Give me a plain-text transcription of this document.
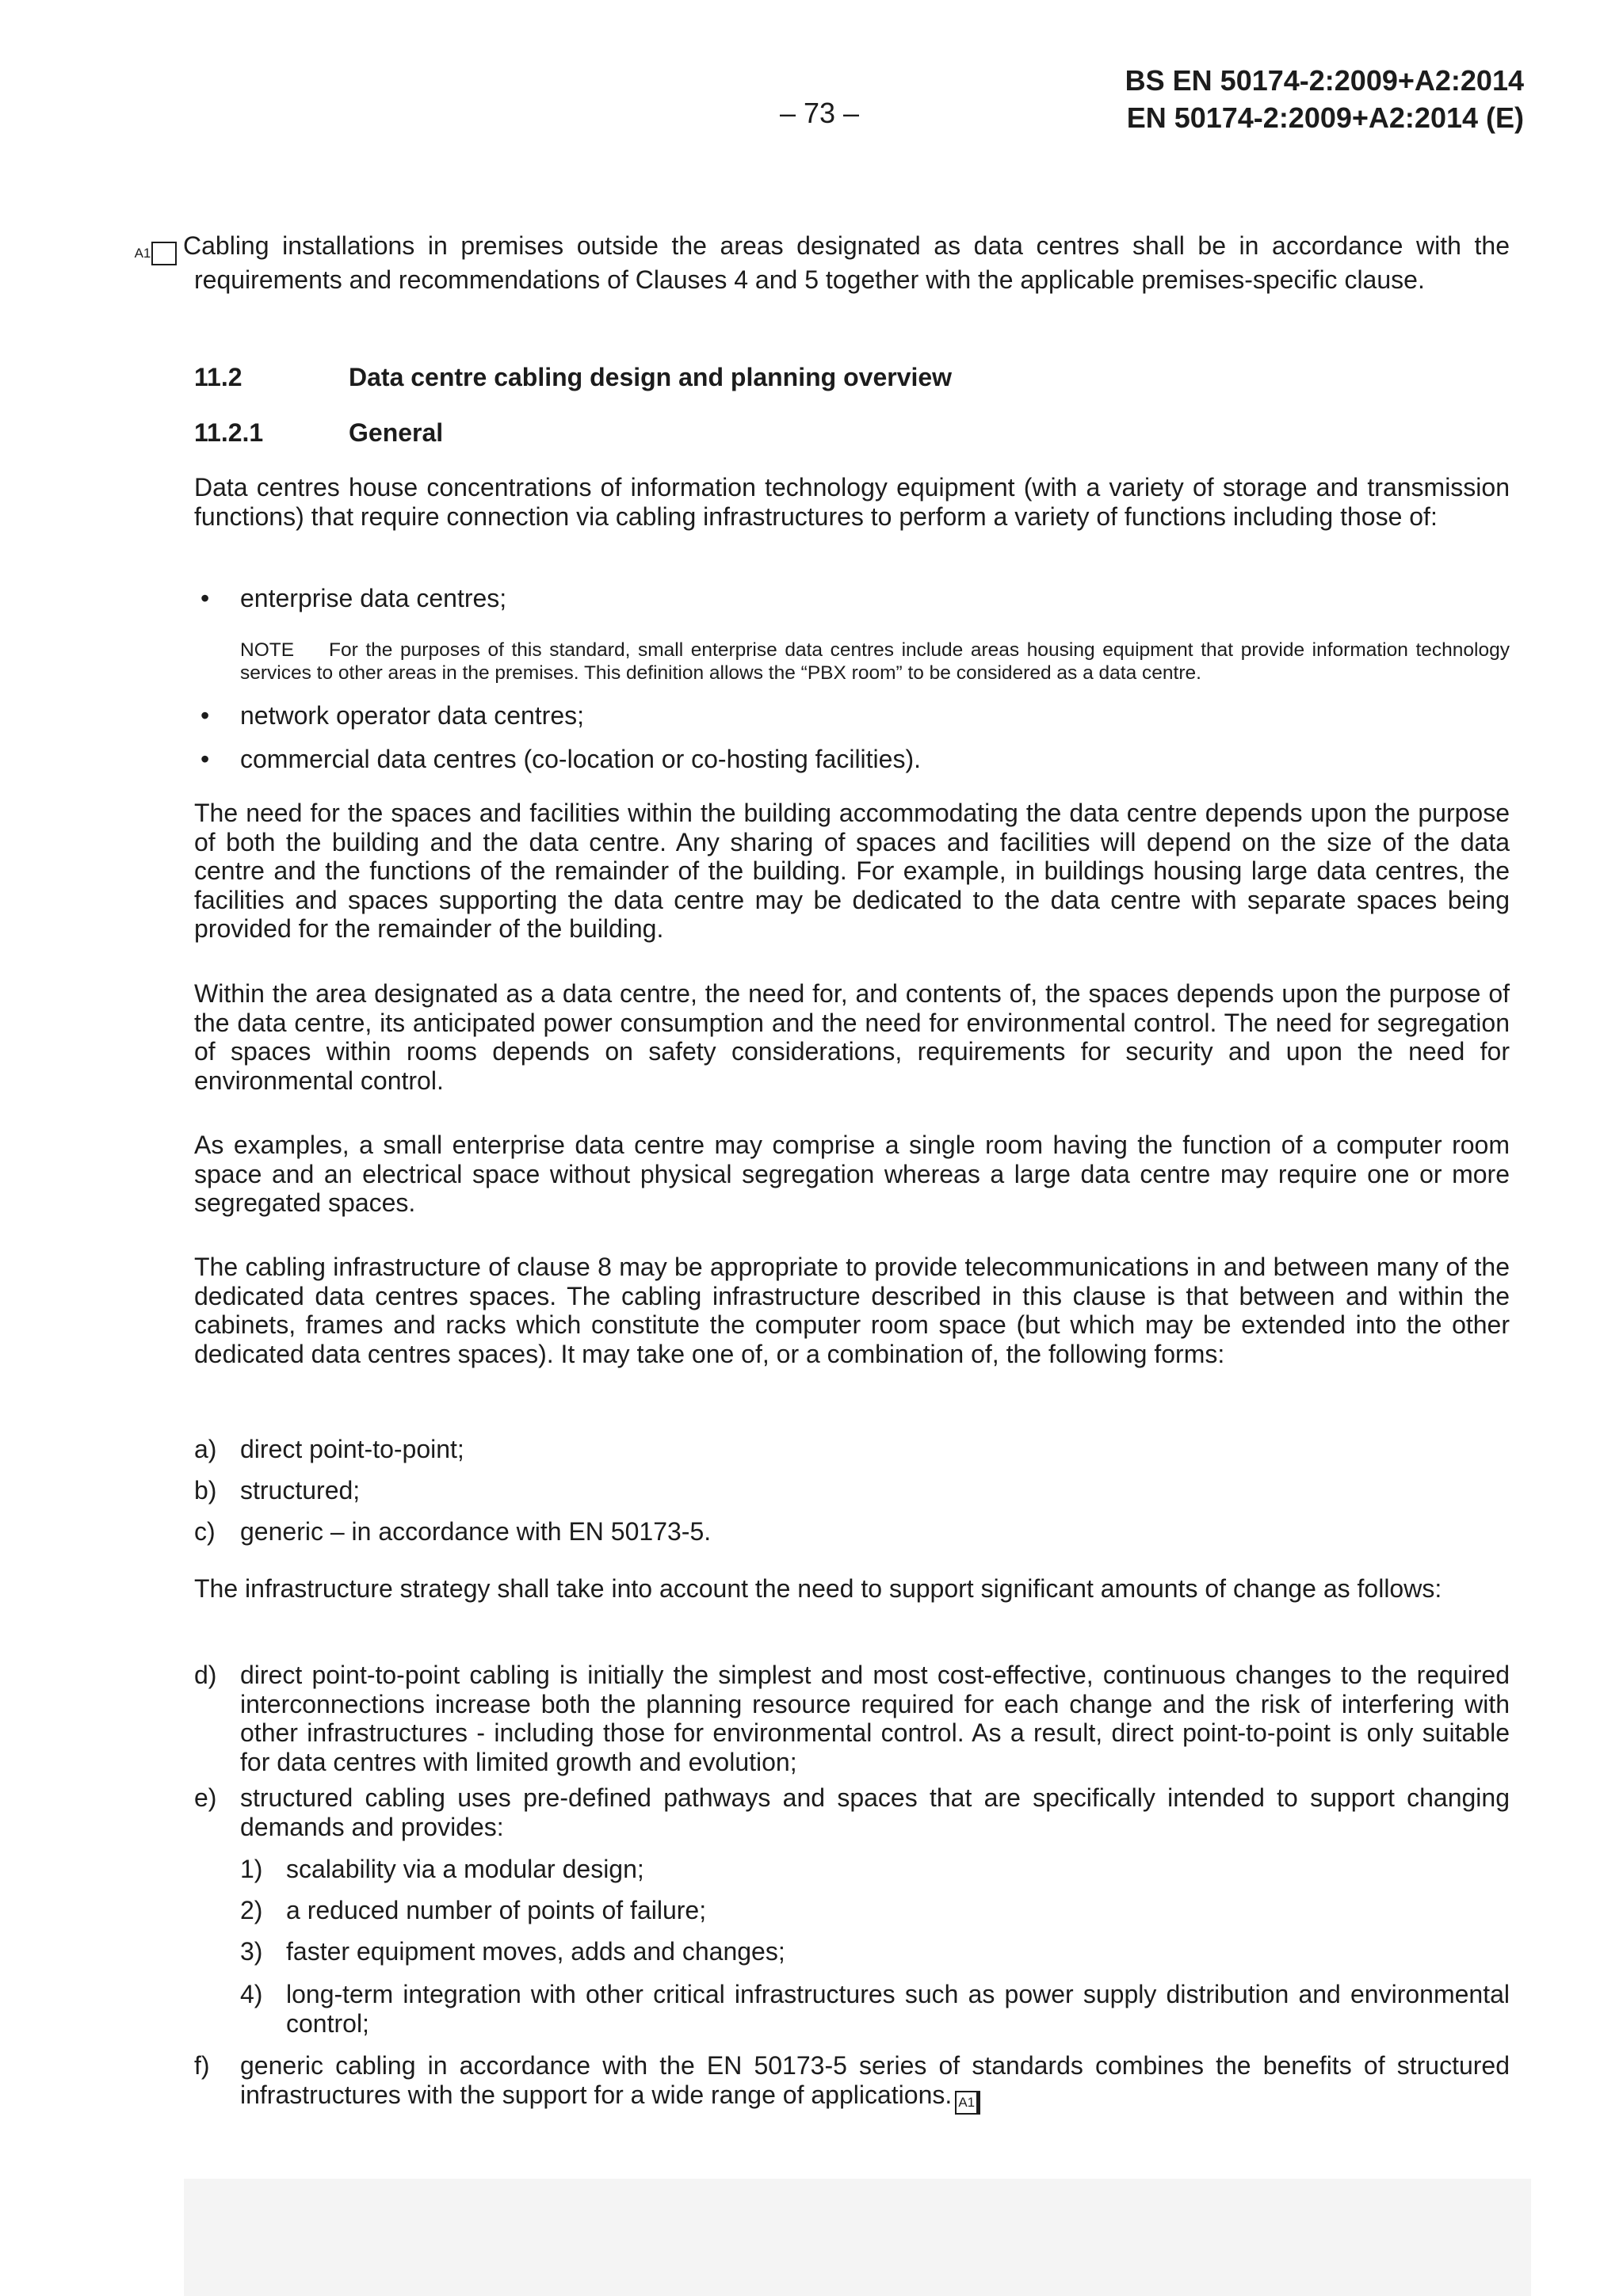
– 73 –
BS EN 50174-2:2009+A2:2014
EN 50174-2:2009+A2:2014 (E)

A1 Cabling installations in premises outside the areas designated as data centres shall be in accordance with the requirements and recommendations of Clauses 4 and 5 together with the applicable premises-specific clause.

11.2	Data centre cabling design and planning overview
11.2.1	General

Data centres house concentrations of information technology equipment (with a variety of storage and transmission functions) that require connection via cabling infrastructures to perform a variety of functions including those of:

• enterprise data centres;
NOTE For the purposes of this standard, small enterprise data centres include areas housing equipment that provide information technology services to other areas in the premises. This definition allows the “PBX room” to be considered as a data centre.
• network operator data centres;
• commercial data centres (co-location or co-hosting facilities).

The need for the spaces and facilities within the building accommodating the data centre depends upon the purpose of both the building and the data centre. Any sharing of spaces and facilities will depend on the size of the data centre and the functions of the remainder of the building. For example, in buildings housing large data centres, the facilities and spaces supporting the data centre may be dedicated to the data centre with separate spaces being provided for the remainder of the building.

Within the area designated as a data centre, the need for, and contents of, the spaces depends upon the purpose of the data centre, its anticipated power consumption and the need for environmental control. The need for segregation of spaces within rooms depends on safety considerations, requirements for security and upon the need for environmental control.

As examples, a small enterprise data centre may comprise a single room having the function of a computer room space and an electrical space without physical segregation whereas a large data centre may require one or more segregated spaces.

The cabling infrastructure of clause 8 may be appropriate to provide telecommunications in and between many of the dedicated data centres spaces. The cabling infrastructure described in this clause is that between and within the cabinets, frames and racks which constitute the computer room space (but which may be extended into the other dedicated data centres spaces). It may take one of, or a combination of, the following forms:

a) direct point-to-point;
b) structured;
c) generic – in accordance with EN 50173-5.

The infrastructure strategy shall take into account the need to support significant amounts of change as follows:

d) direct point-to-point cabling is initially the simplest and most cost-effective, continuous changes to the required interconnections increase both the planning resource required for each change and the risk of interfering with other infrastructures - including those for environmental control. As a result, direct point-to-point is only suitable for data centres with limited growth and evolution;
e) structured cabling uses pre-defined pathways and spaces that are specifically intended to support changing demands and provides:
1) scalability via a modular design;
2) a reduced number of points of failure;
3) faster equipment moves, adds and changes;
4) long-term integration with other critical infrastructures such as power supply distribution and environmental control;
f) generic cabling in accordance with the EN 50173-5 series of standards combines the benefits of structured infrastructures with the support for a wide range of applications. A1
